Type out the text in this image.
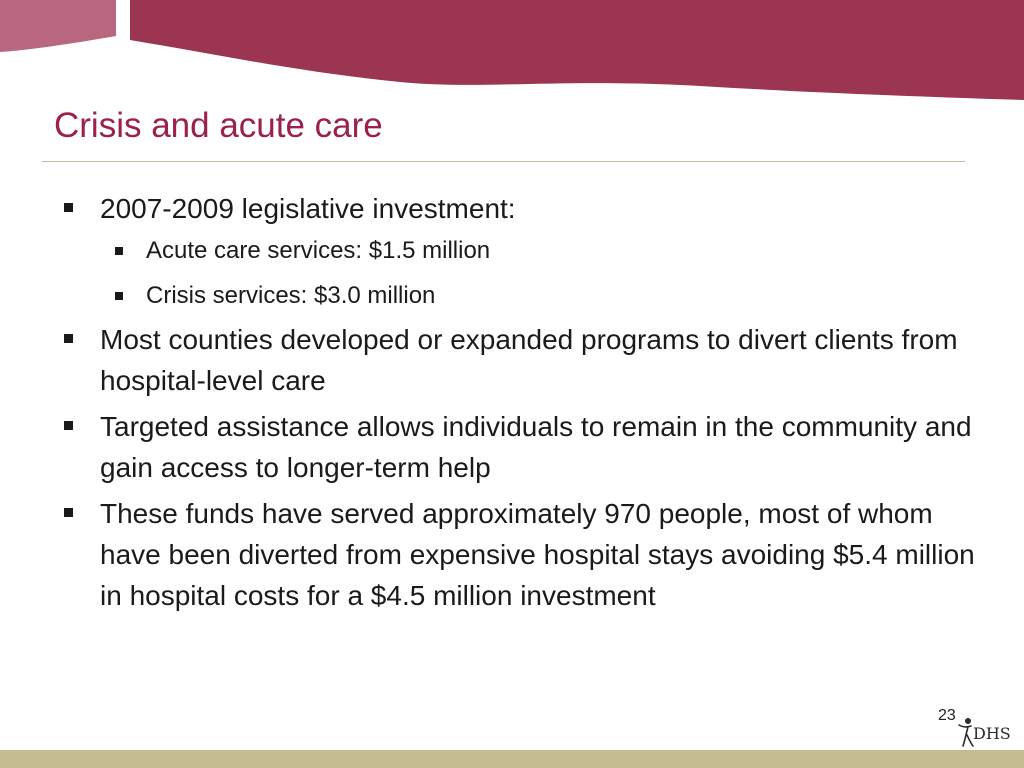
Crisis and acute care
2007-2009 legislative investment:
Acute care services: $1.5 million
Crisis services: $3.0 million
Most counties developed or expanded programs to divert clients from hospital-level care
Targeted assistance allows individuals to remain in the community and gain access to longer-term help
These funds have served approximately 970 people, most of whom have been diverted from expensive hospital stays avoiding $5.4 million in hospital costs for a $4.5 million investment
23
DHS
